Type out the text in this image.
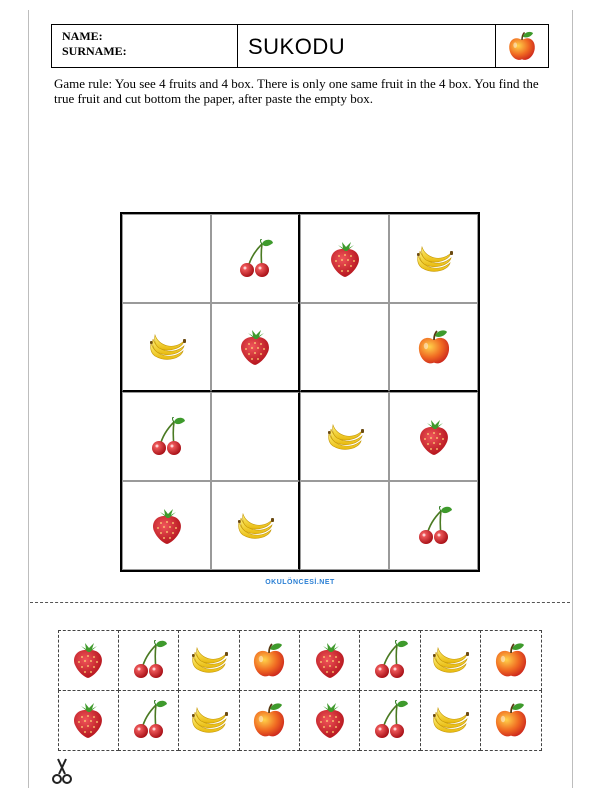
NAME:
SURNAME:	SUKODU
Game rule: You see 4 fruits and 4 box. There is only one same fruit in the 4 box. You find the true fruit and cut bottom the paper, after paste the empty box.
OKULÖNCESİ.NET
